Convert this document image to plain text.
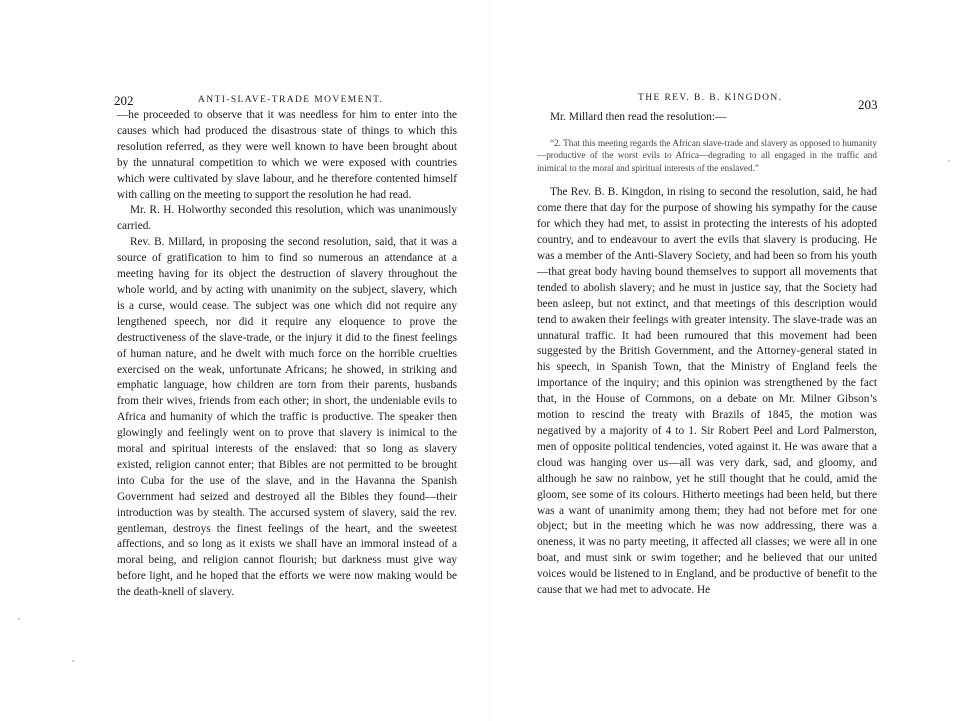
202	ANTI-SLAVE-TRADE MOVEMENT.

—he proceeded to observe that it was needless for him to enter into the causes which had produced the disastrous state of things to which this resolution referred, as they were well known to have been brought about by the unnatural competition to which we were exposed with countries which were cultivated by slave labour, and he therefore contented himself with calling on the meeting to support the resolution he had read.

Mr. R. H. Holworthy seconded this resolution, which was unanimously carried.

Rev. B. Millard, in proposing the second resolution, said, that it was a source of gratification to him to find so numerous an attendance at a meeting having for its object the destruction of slavery throughout the whole world, and by acting with unanimity on the subject, slavery, which is a curse, would cease. The subject was one which did not require any lengthened speech, nor did it require any eloquence to prove the destructiveness of the slave-trade, or the injury it did to the finest feelings of human nature, and he dwelt with much force on the horrible cruelties exercised on the weak, unfortunate Africans; he showed, in striking and emphatic language, how children are torn from their parents, husbands from their wives, friends from each other; in short, the undeniable evils to Africa and humanity of which the traffic is productive. The speaker then glowingly and feelingly went on to prove that slavery is inimical to the moral and spiritual interests of the enslaved: that so long as slavery existed, religion cannot enter; that Bibles are not permitted to be brought into Cuba for the use of the slave, and in the Havanna the Spanish Government had seized and destroyed all the Bibles they found—their introduction was by stealth. The accursed system of slavery, said the rev. gentleman, destroys the finest feelings of the heart, and the sweetest affections, and so long as it exists we shall have an immoral instead of a moral being, and religion cannot flourish; but darkness must give way before light, and he hoped that the efforts we were now making would be the death-knell of slavery.

THE REV. B. B. KINGDON.	203

Mr. Millard then read the resolution:—

“2. That this meeting regards the African slave-trade and slavery as opposed to humanity—productive of the worst evils to Africa—degrading to all engaged in the traffic and inimical to the moral and spiritual interests of the enslaved.”

The Rev. B. B. Kingdon, in rising to second the resolution, said, he had come there that day for the purpose of showing his sympathy for the cause for which they had met, to assist in protecting the interests of his adopted country, and to endeavour to avert the evils that slavery is producing. He was a member of the Anti-Slavery Society, and had been so from his youth—that great body having bound themselves to support all movements that tended to abolish slavery; and he must in justice say, that the Society had been asleep, but not extinct, and that meetings of this description would tend to awaken their feelings with greater intensity. The slave-trade was an unnatural traffic. It had been rumoured that this movement had been suggested by the British Government, and the Attorney-general stated in his speech, in Spanish Town, that the Ministry of England feels the importance of the inquiry; and this opinion was strengthened by the fact that, in the House of Commons, on a debate on Mr. Milner Gibson’s motion to rescind the treaty with Brazils of 1845, the motion was negatived by a majority of 4 to 1. Sir Robert Peel and Lord Palmerston, men of opposite political tendencies, voted against it. He was aware that a cloud was hanging over us—all was very dark, sad, and gloomy, and although he saw no rainbow, yet he still thought that he could, amid the gloom, see some of its colours. Hitherto meetings had been held, but there was a want of unanimity among them; they had not before met for one object; but in the meeting which he was now addressing, there was a oneness, it was no party meeting, it affected all classes; we were all in one boat, and must sink or swim together; and he believed that our united voices would be listened to in England, and be productive of benefit to the cause that we had met to advocate. He
